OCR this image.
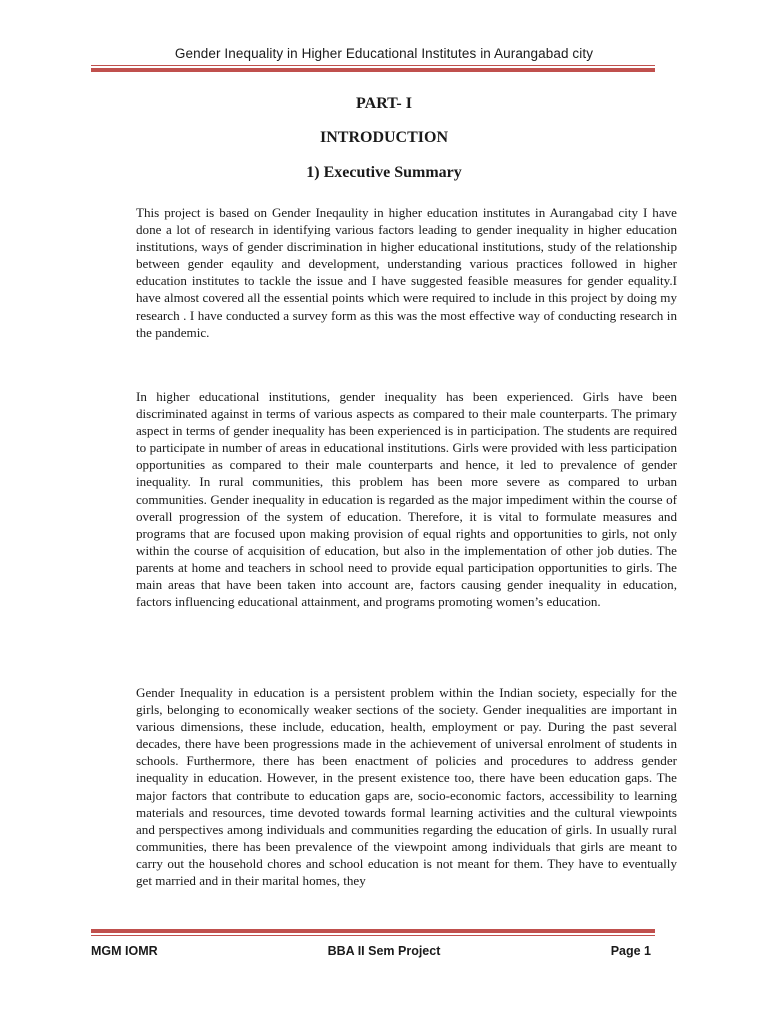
Gender Inequality in Higher Educational Institutes in Aurangabad city
PART- I
INTRODUCTION
1) Executive Summary

This project is based on Gender Ineqaulity in higher education institutes in Aurangabad city I have done a lot of research in identifying various factors leading to gender inequality in higher education institutions, ways of gender discrimination in higher educational institutions, study of the relationship between gender eqaulity and development, understanding various practices followed in higher education institutes to tackle the issue and I have suggested feasible measures for gender equality.I have almost covered all the essential points which were required to include in this project by doing my research . I have conducted a survey form as this was the most effective way of conducting research in the pandemic.

In higher educational institutions, gender inequality has been experienced. Girls have been discriminated against in terms of various aspects as compared to their male counterparts. The primary aspect in terms of gender inequality has been experienced is in participation. The students are required to participate in number of areas in educational institutions. Girls were provided with less participation opportunities as compared to their male counterparts and hence, it led to prevalence of gender inequality. In rural communities, this problem has been more severe as compared to urban communities. Gender inequality in education is regarded as the major impediment within the course of overall progression of the system of education. Therefore, it is vital to formulate measures and programs that are focused upon making provision of equal rights and opportunities to girls, not only within the course of acquisition of education, but also in the implementation of other job duties. The parents at home and teachers in school need to provide equal participation opportunities to girls. The main areas that have been taken into account are, factors causing gender inequality in education, factors influencing educational attainment, and programs promoting women’s education.

Gender Inequality in education is a persistent problem within the Indian society, especially for the girls, belonging to economically weaker sections of the society. Gender inequalities are important in various dimensions, these include, education, health, employment or pay. During the past several decades, there have been progressions made in the achievement of universal enrolment of students in schools. Furthermore, there has been enactment of policies and procedures to address gender inequality in education. However, in the present existence too, there have been education gaps. The major factors that contribute to education gaps are, socio-economic factors, accessibility to learning materials and resources, time devoted towards formal learning activities and the cultural viewpoints and perspectives among individuals and communities regarding the education of girls. In usually rural communities, there has been prevalence of the viewpoint among individuals that girls are meant to carry out the household chores and school education is not meant for them. They have to eventually get married and in their marital homes, they

MGM IOMR	BBA II Sem Project	Page 1
